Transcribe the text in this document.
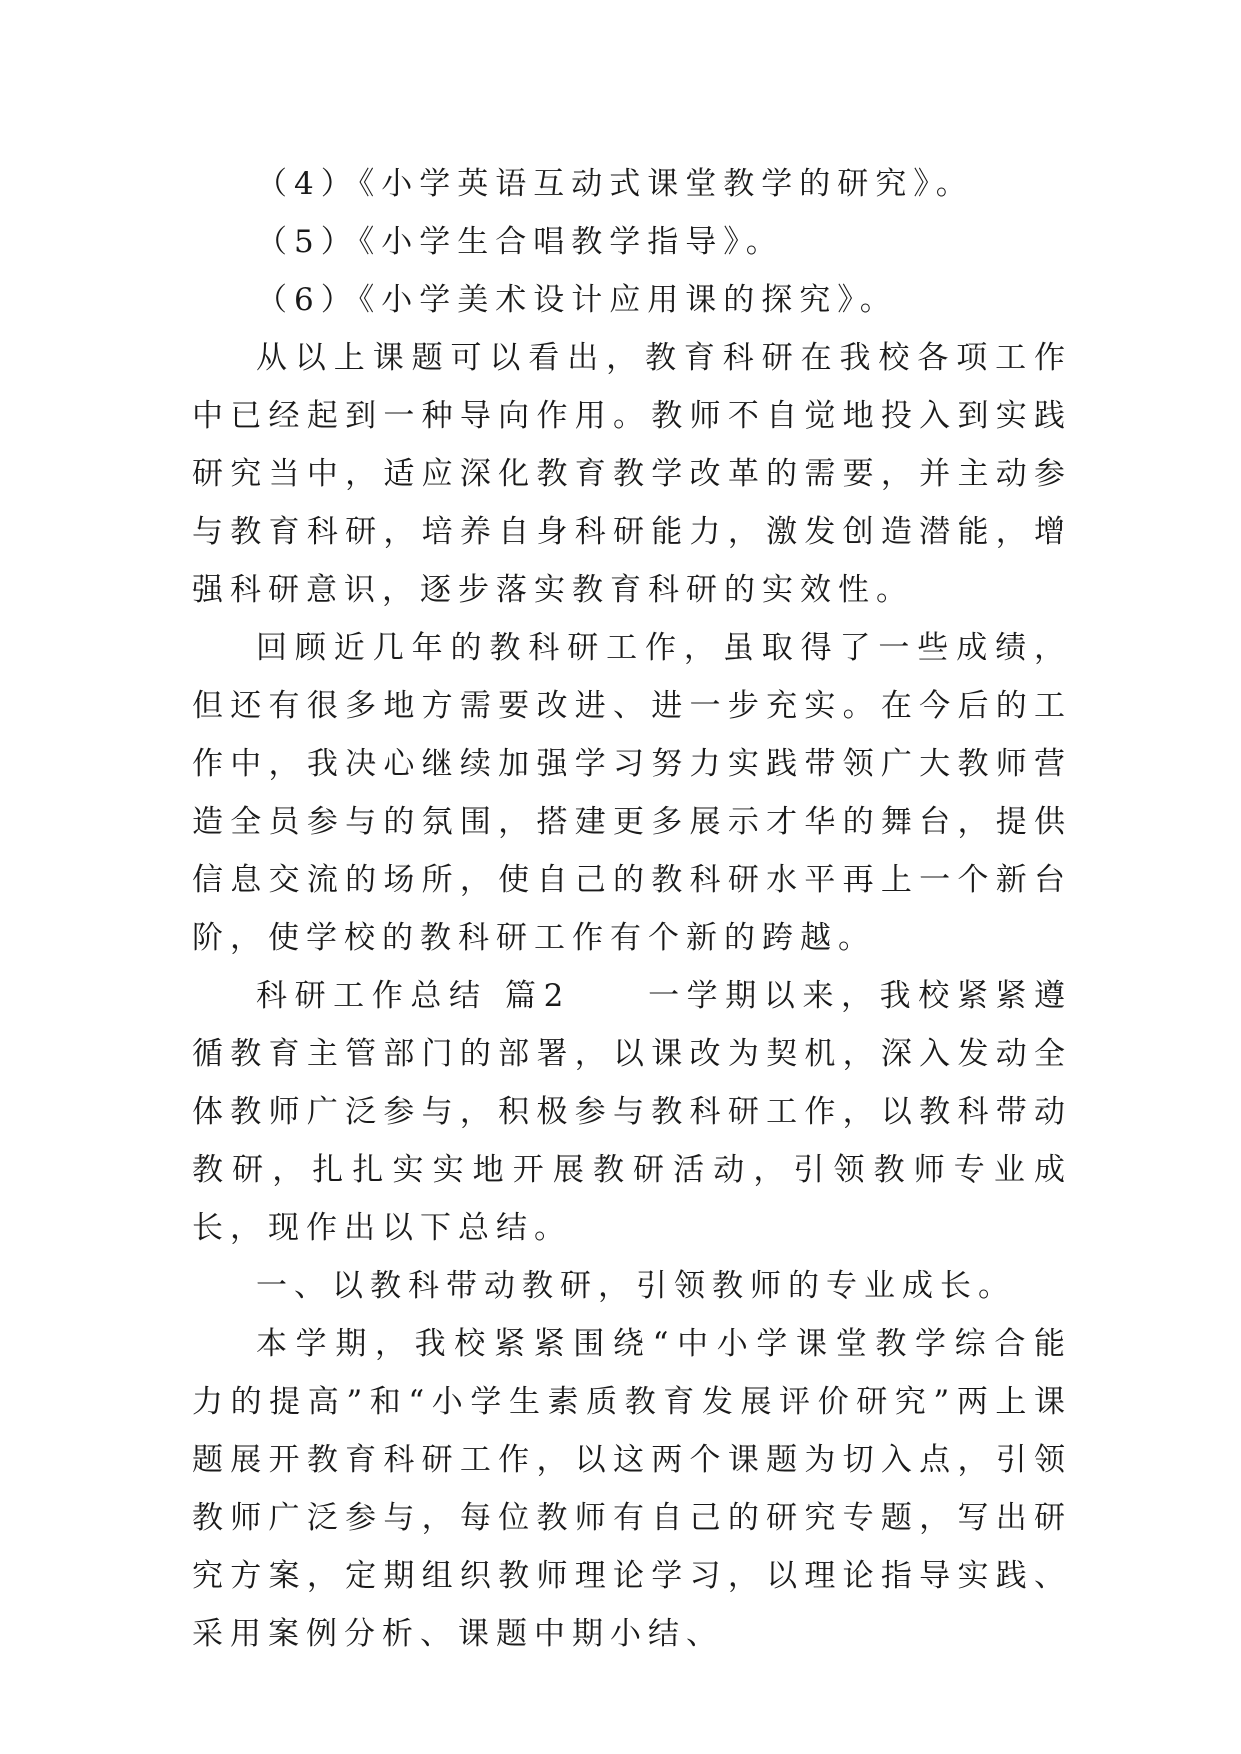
（4）《小学英语互动式课堂教学的研究》。

（5）《小学生合唱教学指导》。

（6）《小学美术设计应用课的探究》。

从以上课题可以看出，教育科研在我校各项工作中已经起到一种导向作用。教师不自觉地投入到实践研究当中，适应深化教育教学改革的需要，并主动参与教育科研，培养自身科研能力，激发创造潜能，增强科研意识，逐步落实教育科研的实效性。

回顾近几年的教科研工作，虽取得了一些成绩，但还有很多地方需要改进、进一步充实。在今后的工作中，我决心继续加强学习努力实践带领广大教师营造全员参与的氛围，搭建更多展示才华的舞台，提供信息交流的场所，使自己的教科研水平再上一个新台阶，使学校的教科研工作有个新的跨越。

科研工作总结 篇2　　一学期以来，我校紧紧遵循教育主管部门的部署，以课改为契机，深入发动全体教师广泛参与，积极参与教科研工作，以教科带动教研，扎扎实实地开展教研活动，引领教师专业成长，现作出以下总结。

一、以教科带动教研，引领教师的专业成长。

本学期，我校紧紧围绕“中小学课堂教学综合能力的提高”和“小学生素质教育发展评价研究”两上课题展开教育科研工作，以这两个课题为切入点，引领教师广泛参与，每位教师有自己的研究专题，写出研究方案，定期组织教师理论学习，以理论指导实践、采用案例分析、课题中期小结、
